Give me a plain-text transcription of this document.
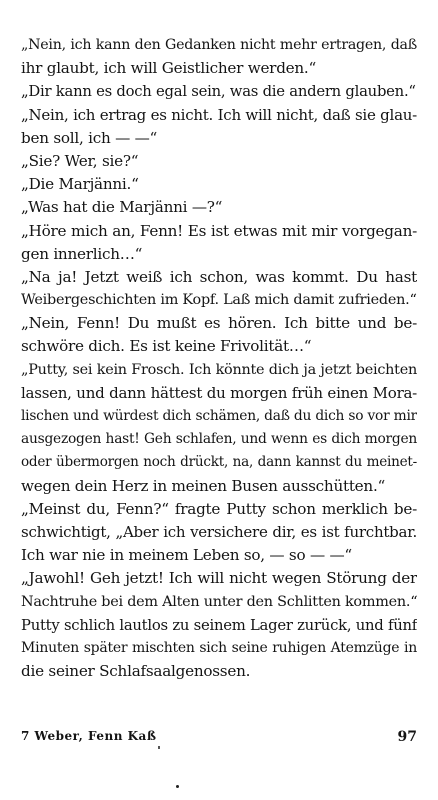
„Nein, ich kann den Gedanken nicht mehr ertragen, daß
ihr glaubt, ich will Geistlicher werden.“
„Dir kann es doch egal sein, was die andern glauben.“
„Nein, ich ertrag es nicht. Ich will nicht, daß sie glau-
ben soll, ich — —“
„Sie? Wer, sie?“
„Die Marjänni.“
„Was hat die Marjänni —?“
„Höre mich an, Fenn! Es ist etwas mit mir vorgegan-
gen innerlich…“
„Na ja! Jetzt weiß ich schon, was kommt. Du hast
Weibergeschichten im Kopf. Laß mich damit zufrieden.“
„Nein, Fenn! Du mußt es hören. Ich bitte und be-
schwöre dich. Es ist keine Frivolität…“
„Putty, sei kein Frosch. Ich könnte dich ja jetzt beichten
lassen, und dann hättest du morgen früh einen Mora-
lischen und würdest dich schämen, daß du dich so vor mir
ausgezogen hast! Geh schlafen, und wenn es dich morgen
oder übermorgen noch drückt, na, dann kannst du meinet-
wegen dein Herz in meinen Busen ausschütten.“
„Meinst du, Fenn?“ fragte Putty schon merklich be-
schwichtigt, „Aber ich versichere dir, es ist furchtbar.
Ich war nie in meinem Leben so, — so — —“
„Jawohl! Geh jetzt! Ich will nicht wegen Störung der
Nachtruhe bei dem Alten unter den Schlitten kommen.“
Putty schlich lautlos zu seinem Lager zurück, und fünf
Minuten später mischten sich seine ruhigen Atemzüge in
die seiner Schlafsaalgenossen.
7 Weber, Fenn Kaß	97
